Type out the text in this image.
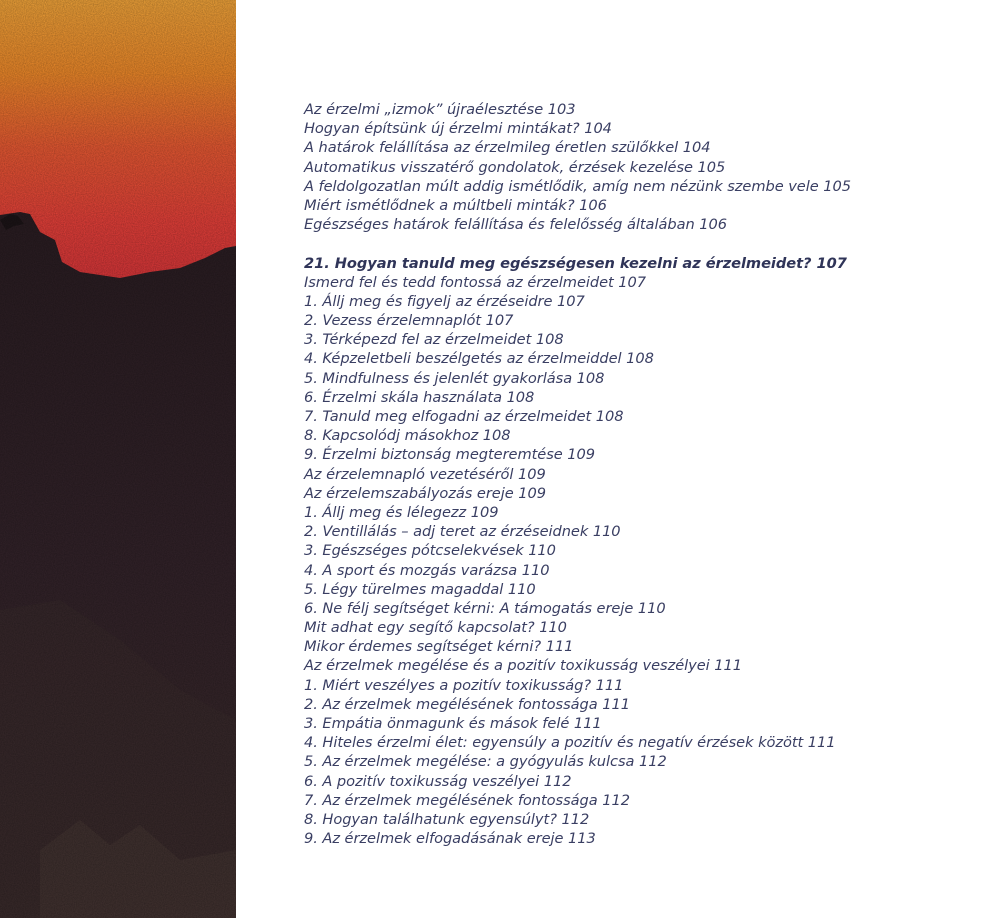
Az érzelmi „izmok” újraélesztése 103
Hogyan építsünk új érzelmi mintákat? 104
A határok felállítása az érzelmileg éretlen szülőkkel 104
Automatikus visszatérő gondolatok, érzések kezelése 105
A feldolgozatlan múlt addig ismétlődik, amíg nem nézünk szembe vele 105
Miért ismétlődnek a múltbeli minták? 106
Egészséges határok felállítása és felelősség általában 106
21. Hogyan tanuld meg egészségesen kezelni az érzelmeidet? 107
Ismerd fel és tedd fontossá az érzelmeidet 107
1. Állj meg és figyelj az érzéseidre 107
2. Vezess érzelemnaplót 107
3. Térképezd fel az érzelmeidet 108
4. Képzeletbeli beszélgetés az érzelmeiddel 108
5. Mindfulness és jelenlét gyakorlása 108
6. Érzelmi skála használata 108
7. Tanuld meg elfogadni az érzelmeidet 108
8. Kapcsolódj másokhoz 108
9. Érzelmi biztonság megteremtése 109
Az érzelemnapló vezetéséről 109
Az érzelemszabályozás ereje 109
1. Állj meg és lélegezz 109
2. Ventillálás – adj teret az érzéseidnek 110
3. Egészséges pótcselekvések 110
4. A sport és mozgás varázsa 110
5. Légy türelmes magaddal 110
6. Ne félj segítséget kérni: A támogatás ereje 110
Mit adhat egy segítő kapcsolat? 110
Mikor érdemes segítséget kérni? 111
Az érzelmek megélése és a pozitív toxikusság veszélyei 111
1. Miért veszélyes a pozitív toxikusság? 111
2. Az érzelmek megélésének fontossága 111
3. Empátia önmagunk és mások felé 111
4. Hiteles érzelmi élet: egyensúly a pozitív és negatív érzések között 111
5. Az érzelmek megélése: a gyógyulás kulcsa 112
6. A pozitív toxikusság veszélyei 112
7. Az érzelmek megélésének fontossága 112
8. Hogyan találhatunk egyensúlyt? 112
9. Az érzelmek elfogadásának ereje 113
